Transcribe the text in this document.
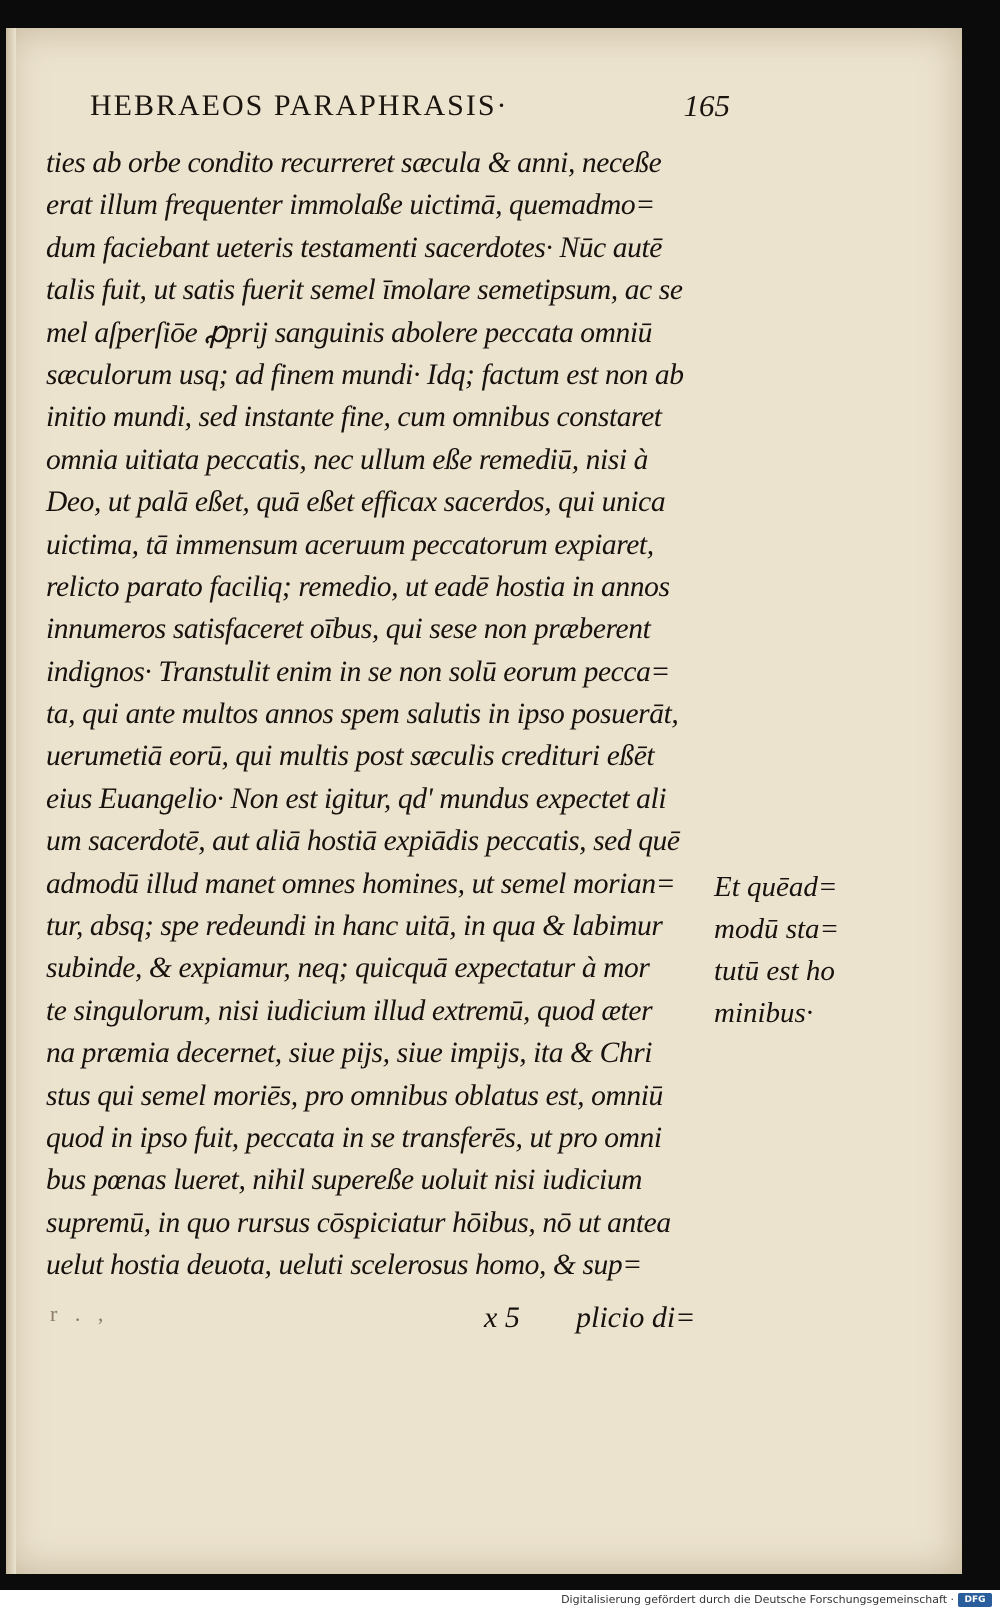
HEBRAEOS PARAPHRASIS·	165
ties ab orbe condito recurreret sæcula & anni, neceße
erat illum frequenter immolaße uictimā, quemadmo=
dum faciebant ueteris testamenti sacerdotes· Nūc autē
talis fuit, ut satis fuerit semel īmolare semetipsum, ac se
mel aſperſiōe ꝓprij sanguinis abolere peccata omniū
sæculorum usq; ad finem mundi· Idq; factum est non ab
initio mundi, sed instante fine, cum omnibus constaret
omnia uitiata peccatis, nec ullum eße remediū, nisi à
Deo, ut palā eßet, quā eßet efficax sacerdos, qui unica
uictima, tā immensum aceruum peccatorum expiaret,
relicto parato faciliq; remedio, ut eadē hostia in annos
innumeros satisfaceret oībus, qui sese non præberent
indignos· Transtulit enim in se non solū eorum pecca=
ta, qui ante multos annos spem salutis in ipso posuerāt,
uerumetiā eorū, qui multis post sæculis credituri eßēt
eius Euangelio· Non est igitur, qd' mundus expectet ali
um sacerdotē, aut aliā hostiā expiādis peccatis, sed quē
admodū illud manet omnes homines, ut semel morian=
tur, absq; spe redeundi in hanc uitā, in qua & labimur
subinde, & expiamur, neq; quicquā expectatur à mor
te singulorum, nisi iudicium illud extremū, quod æter
na præmia decernet, siue pijs, siue impijs, ita & Chri
stus qui semel moriēs, pro omnibus oblatus est, omniū
quod in ipso fuit, peccata in se transferēs, ut pro omni
bus pœnas lueret, nihil supereße uoluit nisi iudicium
supremū, in quo rursus cōspiciatur hōibus, nō ut antea
uelut hostia deuota, ueluti scelerosus homo, & sup=
Et quēad=
modū sta=
tutū est ho
minibus·
r . ,	x 5 plicio di=
Digitalisierung gefördert durch die Deutsche Forschungsgemeinschaft ·	DFG
